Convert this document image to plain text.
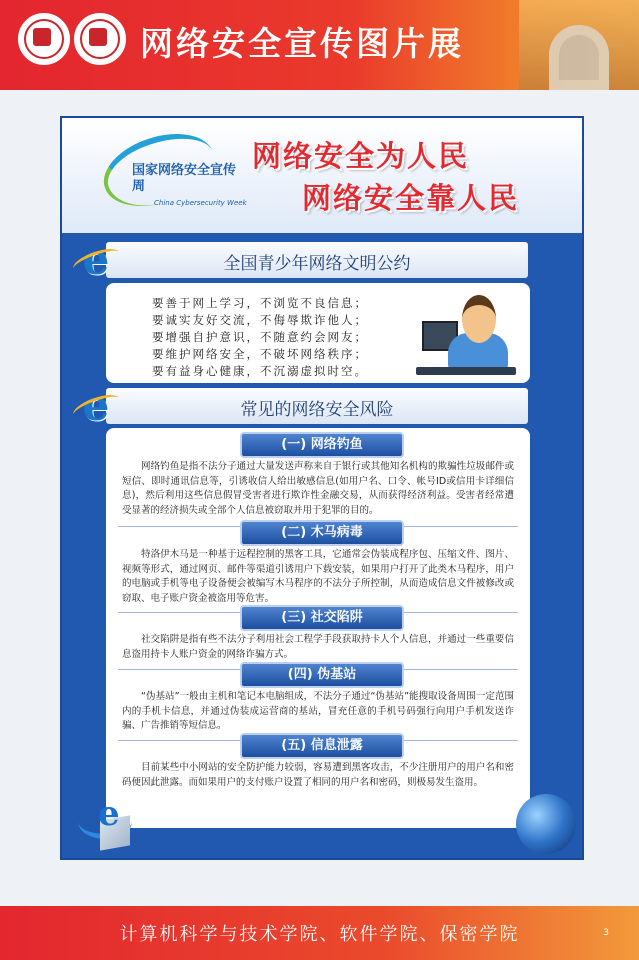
网络安全宣传图片展
国家网络安全宣传周
China Cybersecurity Week
网络安全为人民
网络安全靠人民
e	全国青少年网络文明公约
要善于网上学习，不浏览不良信息；
要诚实友好交流，不侮辱欺诈他人；
要增强自护意识，不随意约会网友；
要维护网络安全，不破坏网络秩序；
要有益身心健康，不沉溺虚拟时空。
e	常见的网络安全风险
(一) 网络钓鱼
网络钓鱼是指不法分子通过大量发送声称来自于银行或其他知名机构的欺骗性垃圾邮件或短信、即时通讯信息等，引诱收信人给出敏感信息(如用户名、口令、帐号ID或信用卡详细信息)，然后利用这些信息假冒受害者进行欺诈性金融交易，从而获得经济利益。受害者经常遭受显著的经济损失或全部个人信息被窃取并用于犯罪的目的。
(二) 木马病毒
特洛伊木马是一种基于远程控制的黑客工具，它通常会伪装成程序包、压缩文件、图片、视频等形式，通过网页、邮件等渠道引诱用户下载安装，如果用户打开了此类木马程序，用户的电脑或手机等电子设备便会被编写木马程序的不法分子所控制，从而造成信息文件被修改或窃取、电子账户资金被盗用等危害。
(三) 社交陷阱
社交陷阱是指有些不法分子利用社会工程学手段获取持卡人个人信息，并通过一些重要信息盗用持卡人账户资金的网络诈骗方式。
(四) 伪基站
“伪基站”一般由主机和笔记本电脑组成，不法分子通过“伪基站”能搜取设备周围一定范围内的手机卡信息，并通过伪装成运营商的基站，冒充任意的手机号码强行向用户手机发送诈骗、广告推销等短信息。
(五) 信息泄露
目前某些中小网站的安全防护能力较弱，容易遭到黑客攻击，不少注册用户的用户名和密码便因此泄露。而如果用户的支付账户设置了相同的用户名和密码，则极易发生盗用。
e
计算机科学与技术学院、软件学院、保密学院	3
